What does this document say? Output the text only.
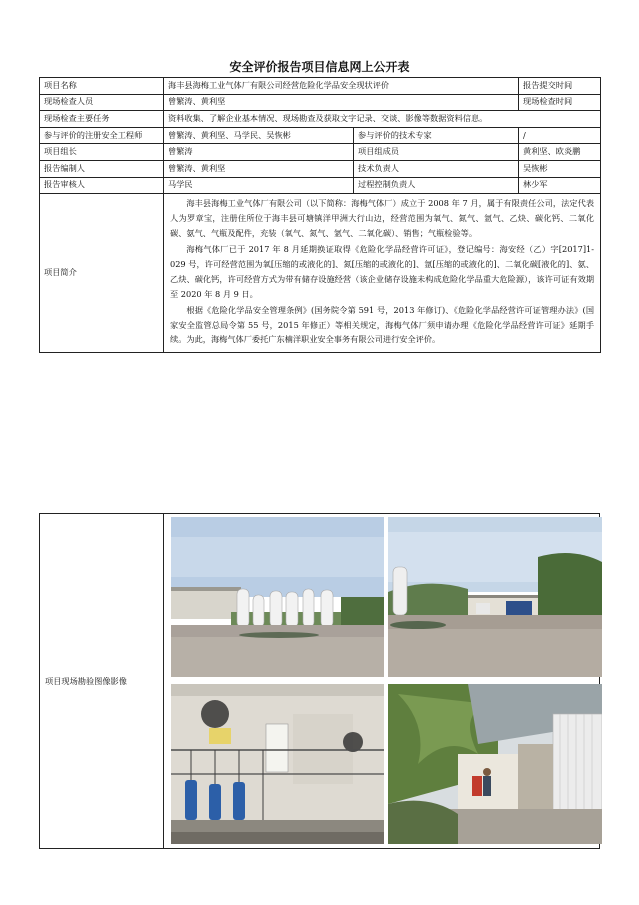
安全评价报告项目信息网上公开表
项目名称	海丰县海梅工业气体厂有限公司经营危险化学品安全现状评价		报告提交时间
现场检查人员	曾繁涛、黄利坚		现场检查时间
现场检查主要任务	资料收集、了解企业基本情况、现场勘查及获取文字记录、交谈、影像等数据资料信息。		
参与评价的注册安全工程师	曾繁涛、黄利坚、马学民、吴恢彬	参与评价的技术专家	/
项目组长	曾繁涛	项目组成员	黄利坚、欧炎鹏
报告编制人	曾繁涛、黄利坚	技术负责人	吴恢彬
报告审核人	马学民	过程控制负责人	林少军
项目简介	海丰县海梅工业气体厂有限公司（以下简称：海梅气体厂）成立于 2008 年 7 月，属于有限责任公司，法定代表人为罗章宝，注册住所位于海丰县可塘镇洋甲洲大行山边，经营范围为氧气、氮气、氩气、乙炔、碳化钙、二氧化碳、氨气、气瓶及配件，充装（氧气、氮气、氩气、二氧化碳）、销售；气瓶检验等。

海梅气体厂已于 2017 年 8 月延期换证取得《危险化学品经营许可证》，登记编号：海安经（乙）字[2017]1-029 号，许可经营范围为氧[压缩的或液化的]、氮[压缩的或液化的]、氩[压缩的或液化的]、二氧化碳[液化的]、氨、乙炔、碳化钙，许可经营方式为带有储存设施经营（该企业储存设施未构成危险化学品重大危险源），该许可证有效期至 2020 年 8 月 9 日。

根据《危险化学品安全管理条例》(国务院令第 591 号，2013 年修订)、《危险化学品经营许可证管理办法》(国家安全监管总局令第 55 号，2015 年修正）等相关规定，海梅气体厂须申请办理《危险化学品经营许可证》延期手续。为此，海梅气体厂委托广东楠洋职业安全事务有限公司进行安全评价。		

项目现场勘验图像影像
